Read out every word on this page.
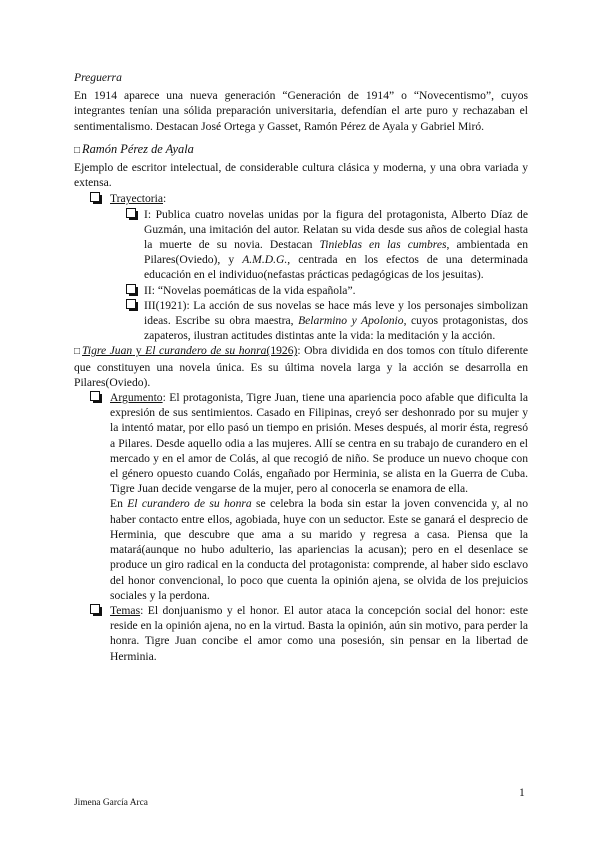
Preguerra

En 1914 aparece una nueva generación “Generación de 1914” o “Novecentismo”, cuyos integrantes tenían una sólida preparación universitaria, defendían el arte puro y rechazaban el sentimentalismo. Destacan José Ortega y Gasset, Ramón Pérez de Ayala y Gabriel Miró.

□ Ramón Pérez de Ayala

Ejemplo de escritor intelectual, de considerable cultura clásica y moderna, y una obra variada y extensa.

Trayectoria:

I: Publica cuatro novelas unidas por la figura del protagonista, Alberto Díaz de Guzmán, una imitación del autor. Relatan su vida desde sus años de colegial hasta la muerte de su novia. Destacan Tinieblas en las cumbres, ambientada en Pilares(Oviedo), y A.M.D.G., centrada en los efectos de una determinada educación en el individuo(nefastas prácticas pedagógicas de los jesuitas).

II: “Novelas poemáticas de la vida española”.

III(1921): La acción de sus novelas se hace más leve y los personajes simbolizan ideas. Escribe su obra maestra, Belarmino y Apolonio, cuyos protagonistas, dos zapateros, ilustran actitudes distintas ante la vida: la meditación y la acción.

□ Tigre Juan y El curandero de su honra(1926): Obra dividida en dos tomos con título diferente que constituyen una novela única. Es su última novela larga y la acción se desarrolla en Pilares(Oviedo).

Argumento: El protagonista, Tigre Juan, tiene una apariencia poco afable que dificulta la expresión de sus sentimientos. Casado en Filipinas, creyó ser deshonrado por su mujer y la intentó matar, por ello pasó un tiempo en prisión. Meses después, al morir ésta, regresó a Pilares. Desde aquello odia a las mujeres. Allí se centra en su trabajo de curandero en el mercado y en el amor de Colás, al que recogió de niño. Se produce un nuevo choque con el género opuesto cuando Colás, engañado por Herminia, se alista en la Guerra de Cuba. Tigre Juan decide vengarse de la mujer, pero al conocerla se enamora de ella.

En El curandero de su honra se celebra la boda sin estar la joven convencida y, al no haber contacto entre ellos, agobiada, huye con un seductor. Este se ganará el desprecio de Herminia, que descubre que ama a su marido y regresa a casa. Piensa que la matará(aunque no hubo adulterio, las apariencias la acusan); pero en el desenlace se produce un giro radical en la conducta del protagonista: comprende, al haber sido esclavo del honor convencional, lo poco que cuenta la opinión ajena, se olvida de los prejuicios sociales y la perdona.

Temas: El donjuanismo y el honor. El autor ataca la concepción social del honor: este reside en la opinión ajena, no en la virtud. Basta la opinión, aún sin motivo, para perder la honra. Tigre Juan concibe el amor como una posesión, sin pensar en la libertad de Herminia.

1
Jimena García Arca
